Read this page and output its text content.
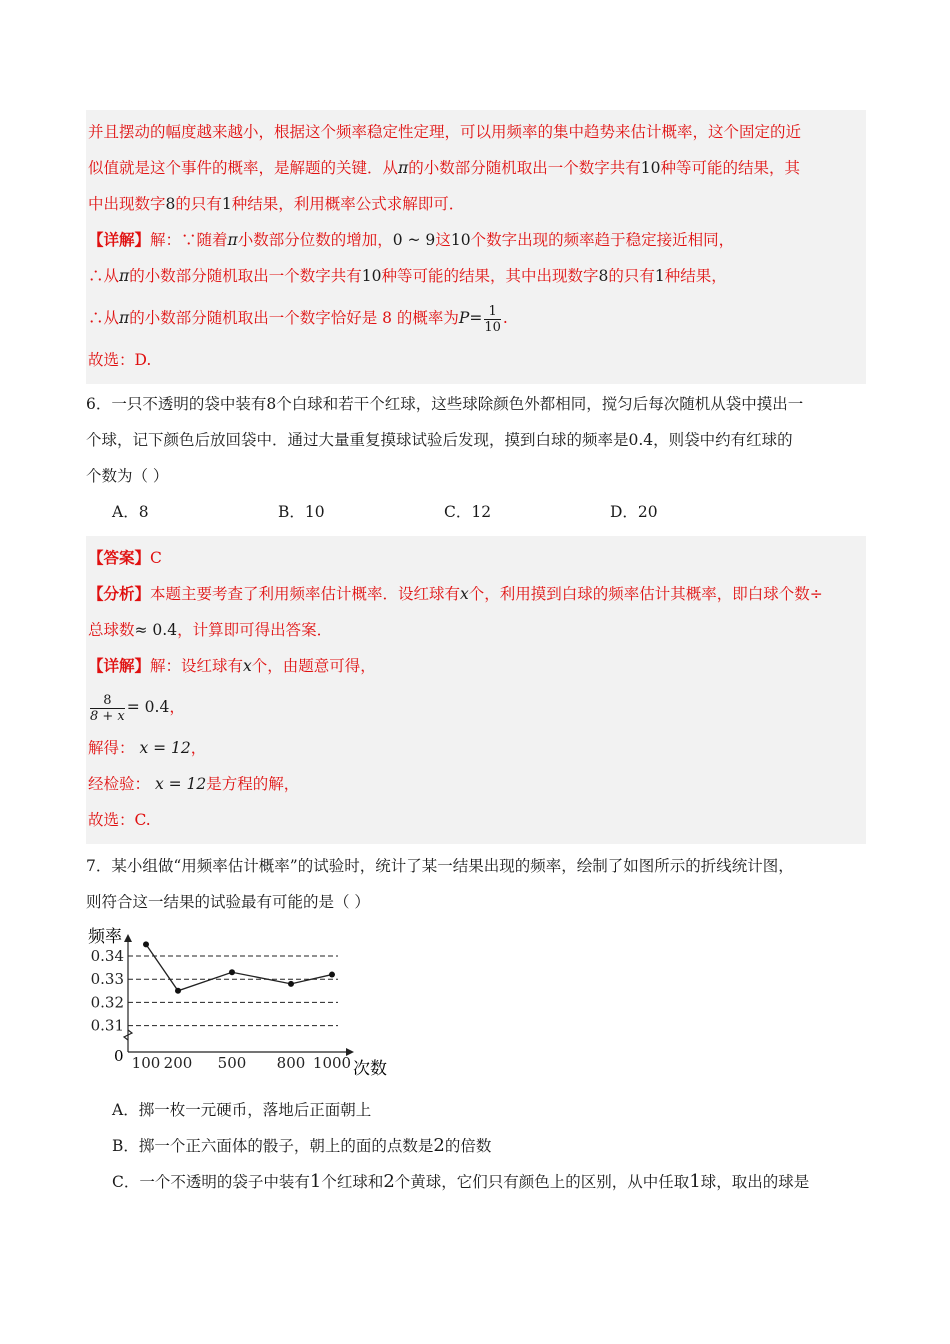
并且摆动的幅度越来越小，根据这个频率稳定性定理，可以用频率的集中趋势来估计概率，这个固定的近
似值就是这个事件的概率，是解题的关键．从π的小数部分随机取出一个数字共有10种等可能的结果，其
中出现数字8的只有1种结果，利用概率公式求解即可．
【详解】解：∵随着π小数部分位数的增加，0 ~ 9这10个数字出现的频率趋于稳定接近相同，
∴从π的小数部分随机取出一个数字共有10种等可能的结果，其中出现数字8的只有1种结果，
∴从π的小数部分随机取出一个数字恰好是 8 的概率为$P= \frac{1}{10}$ .
故选：D.
6．一只不透明的袋中装有8个白球和若干个红球，这些球除颜色外都相同，搅匀后每次随机从袋中摸出一
个球，记下颜色后放回袋中．通过大量重复摸球试验后发现，摸到白球的频率是0.4，则袋中约有红球的
个数为（ ）
A．8	B．10	C．12	D．20
【答案】C
【分析】本题主要考查了利用频率估计概率．设红球有x个，利用摸到白球的频率估计其概率，即白球个数÷
总球数≈ 0.4，计算即可得出答案．
【详解】解：设红球有x个，由题意可得，
$\frac{8}{8 + x} = 0.4$，
解得： x = 12，
经检验： x = 12是方程的解，
故选：C.
7．某小组做“用频率估计概率”的试验时，统计了某一结果出现的频率，绘制了如图所示的折线统计图，
则符合这一结果的试验最有可能的是（ ）
频率
次数
0
0.34
0.33
0.32
0.31
100 200 500 800 1000
A．掷一枚一元硬币，落地后正面朝上
B．掷一个正六面体的骰子，朝上的面的点数是2的倍数
C．一个不透明的袋子中装有1个红球和2个黄球，它们只有颜色上的区别，从中任取1球，取出的球是
